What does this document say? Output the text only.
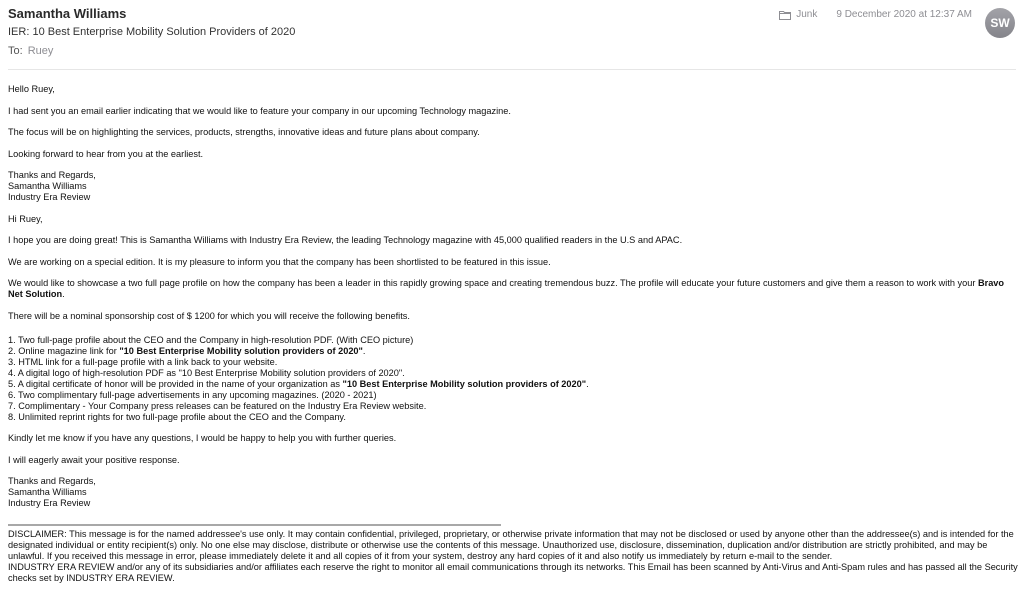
Samantha Williams
IER: 10 Best Enterprise Mobility Solution Providers of 2020
To: Ruey
Junk 9 December 2020 at 12:37 AM
SW

Hello Ruey,

I had sent you an email earlier indicating that we would like to feature your company in our upcoming Technology magazine.

The focus will be on highlighting the services, products, strengths, innovative ideas and future plans about company.

Looking forward to hear from you at the earliest.

Thanks and Regards,
Samantha Williams
Industry Era Review

Hi Ruey,

I hope you are doing great! This is Samantha Williams with Industry Era Review, the leading Technology magazine with 45,000 qualified readers in the U.S and APAC.

We are working on a special edition. It is my pleasure to inform you that the company has been shortlisted to be featured in this issue.

We would like to showcase a two full page profile on how the company has been a leader in this rapidly growing space and creating tremendous buzz. The profile will educate your future customers and give them a reason to work with your Bravo Net Solution.

There will be a nominal sponsorship cost of $ 1200 for which you will receive the following benefits.

1. Two full-page profile about the CEO and the Company in high-resolution PDF. (With CEO picture)
2. Online magazine link for "10 Best Enterprise Mobility solution providers of 2020".
3. HTML link for a full-page profile with a link back to your website.
4. A digital logo of high-resolution PDF as "10 Best Enterprise Mobility solution providers of 2020".
5. A digital certificate of honor will be provided in the name of your organization as "10 Best Enterprise Mobility solution providers of 2020".
6. Two complimentary full-page advertisements in any upcoming magazines. (2020 - 2021)
7. Complimentary - Your Company press releases can be featured on the Industry Era Review website.
8. Unlimited reprint rights for two full-page profile about the CEO and the Company.

Kindly let me know if you have any questions, I would be happy to help you with further queries.

I will eagerly await your positive response.

Thanks and Regards,
Samantha Williams
Industry Era Review
DISCLAIMER: This message is for the named addressee's use only. It may contain confidential, privileged, proprietary, or otherwise private information that may not be disclosed or used by anyone other than the addressee(s) and is intended for the designated individual or entity recipient(s) only. No one else may disclose, distribute or otherwise use the contents of this message. Unauthorized use, disclosure, dissemination, duplication and/or distribution are strictly prohibited, and may be unlawful. If you received this message in error, please immediately delete it and all copies of it from your system, destroy any hard copies of it and also notify us immediately by return e-mail to the sender.
INDUSTRY ERA REVIEW and/or any of its subsidiaries and/or affiliates each reserve the right to monitor all email communications through its networks. This Email has been scanned by Anti-Virus and Anti-Spam rules and has passed all the Security checks set by INDUSTRY ERA REVIEW.
